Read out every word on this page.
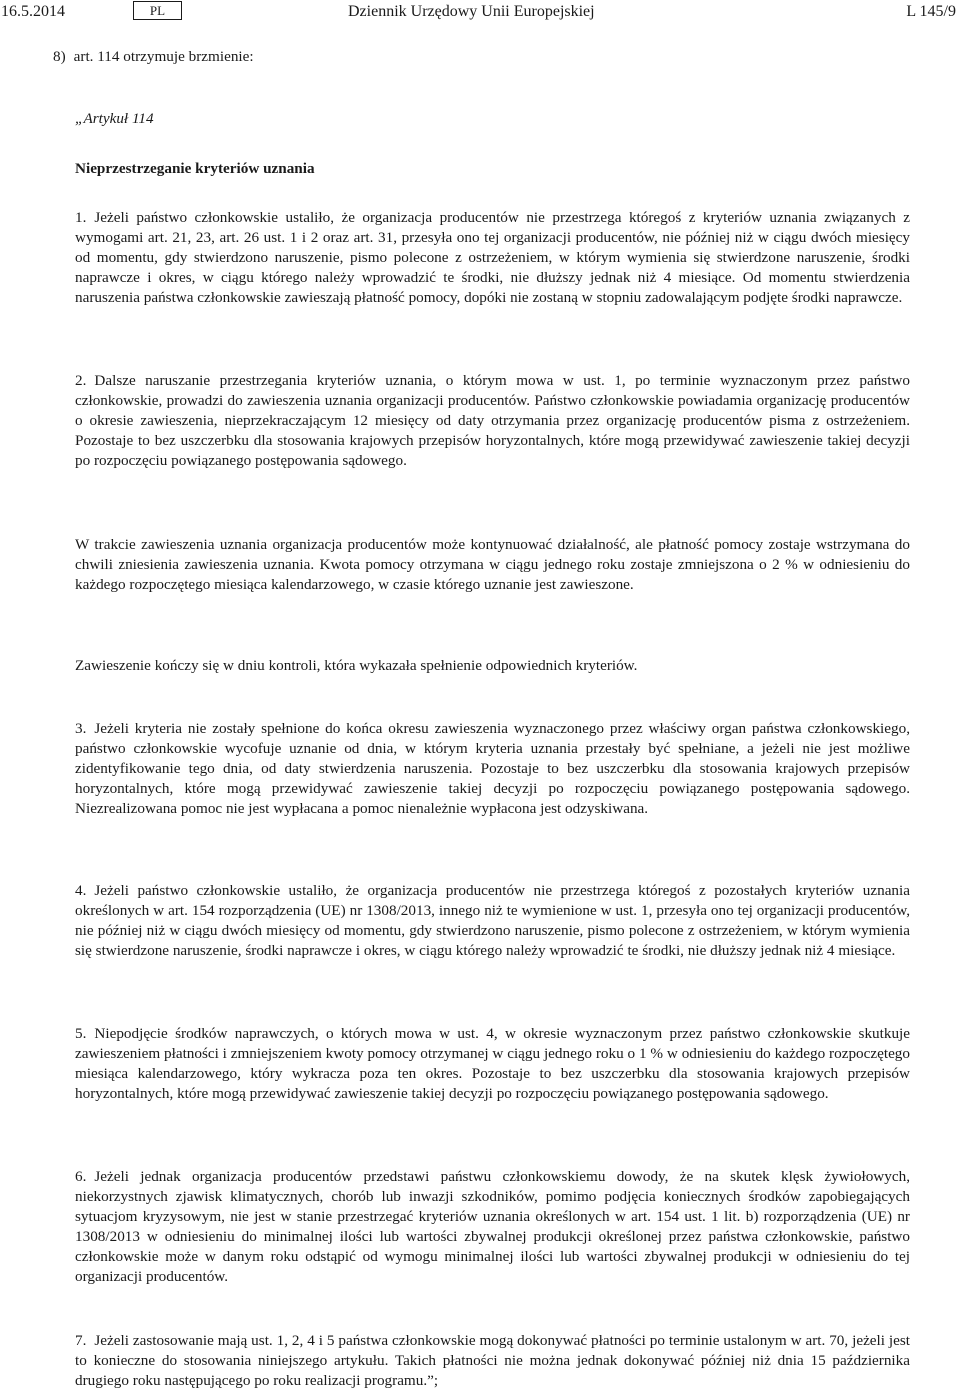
16.5.2014	PL	Dziennik Urzędowy Unii Europejskiej	L 145/9

8) art. 114 otrzymuje brzmienie:

„Artykuł 114

Nieprzestrzeganie kryteriów uznania

1. Jeżeli państwo członkowskie ustaliło, że organizacja producentów nie przestrzega któregoś z kryteriów uznania związanych z wymogami art. 21, 23, art. 26 ust. 1 i 2 oraz art. 31, przesyła ono tej organizacji producentów, nie później niż w ciągu dwóch miesięcy od momentu, gdy stwierdzono naruszenie, pismo polecone z ostrzeżeniem, w którym wymienia się stwierdzone naruszenie, środki naprawcze i okres, w ciągu którego należy wprowadzić te środki, nie dłuższy jednak niż 4 miesiące. Od momentu stwierdzenia naruszenia państwa członkowskie zawieszają płatność pomocy, dopóki nie zostaną w stopniu zadowalającym podjęte środki naprawcze.

2. Dalsze naruszanie przestrzegania kryteriów uznania, o którym mowa w ust. 1, po terminie wyznaczonym przez państwo członkowskie, prowadzi do zawieszenia uznania organizacji producentów. Państwo członkowskie powiadamia organizację producentów o okresie zawieszenia, nieprzekraczającym 12 miesięcy od daty otrzymania przez organizację producentów pisma z ostrzeżeniem. Pozostaje to bez uszczerbku dla stosowania krajowych przepisów horyzontalnych, które mogą przewidywać zawieszenie takiej decyzji po rozpoczęciu powiązanego postępowania sądowego.

W trakcie zawieszenia uznania organizacja producentów może kontynuować działalność, ale płatność pomocy zostaje wstrzymana do chwili zniesienia zawieszenia uznania. Kwota pomocy otrzymana w ciągu jednego roku zostaje zmniejszona o 2 % w odniesieniu do każdego rozpoczętego miesiąca kalendarzowego, w czasie którego uznanie jest zawieszone.

Zawieszenie kończy się w dniu kontroli, która wykazała spełnienie odpowiednich kryteriów.

3. Jeżeli kryteria nie zostały spełnione do końca okresu zawieszenia wyznaczonego przez właściwy organ państwa członkowskiego, państwo członkowskie wycofuje uznanie od dnia, w którym kryteria uznania przestały być spełniane, a jeżeli nie jest możliwe zidentyfikowanie tego dnia, od daty stwierdzenia naruszenia. Pozostaje to bez uszczerbku dla stosowania krajowych przepisów horyzontalnych, które mogą przewidywać zawieszenie takiej decyzji po rozpoczęciu powiązanego postępowania sądowego. Niezrealizowana pomoc nie jest wypłacana a pomoc nienależnie wypłacona jest odzyskiwana.

4. Jeżeli państwo członkowskie ustaliło, że organizacja producentów nie przestrzega któregoś z pozostałych kryteriów uznania określonych w art. 154 rozporządzenia (UE) nr 1308/2013, innego niż te wymienione w ust. 1, przesyła ono tej organizacji producentów, nie później niż w ciągu dwóch miesięcy od momentu, gdy stwierdzono naruszenie, pismo polecone z ostrzeżeniem, w którym wymienia się stwierdzone naruszenie, środki naprawcze i okres, w ciągu którego należy wprowadzić te środki, nie dłuższy jednak niż 4 miesiące.

5. Niepodjęcie środków naprawczych, o których mowa w ust. 4, w okresie wyznaczonym przez państwo członkowskie skutkuje zawieszeniem płatności i zmniejszeniem kwoty pomocy otrzymanej w ciągu jednego roku o 1 % w odniesieniu do każdego rozpoczętego miesiąca kalendarzowego, który wykracza poza ten okres. Pozostaje to bez uszczerbku dla stosowania krajowych przepisów horyzontalnych, które mogą przewidywać zawieszenie takiej decyzji po rozpoczęciu powiązanego postępowania sądowego.

6. Jeżeli jednak organizacja producentów przedstawi państwu członkowskiemu dowody, że na skutek klęsk żywiołowych, niekorzystnych zjawisk klimatycznych, chorób lub inwazji szkodników, pomimo podjęcia koniecznych środków zapobiegających sytuacjom kryzysowym, nie jest w stanie przestrzegać kryteriów uznania określonych w art. 154 ust. 1 lit. b) rozporządzenia (UE) nr 1308/2013 w odniesieniu do minimalnej ilości lub wartości zbywalnej produkcji określonej przez państwa członkowskie, państwo członkowskie może w danym roku odstąpić od wymogu minimalnej ilości lub wartości zbywalnej produkcji w odniesieniu do tej organizacji producentów.

7. Jeżeli zastosowanie mają ust. 1, 2, 4 i 5 państwa członkowskie mogą dokonywać płatności po terminie ustalonym w art. 70, jeżeli jest to konieczne do stosowania niniejszego artykułu. Takich płatności nie można jednak dokonywać później niż dnia 15 października drugiego roku następującego po roku realizacji programu.”;
